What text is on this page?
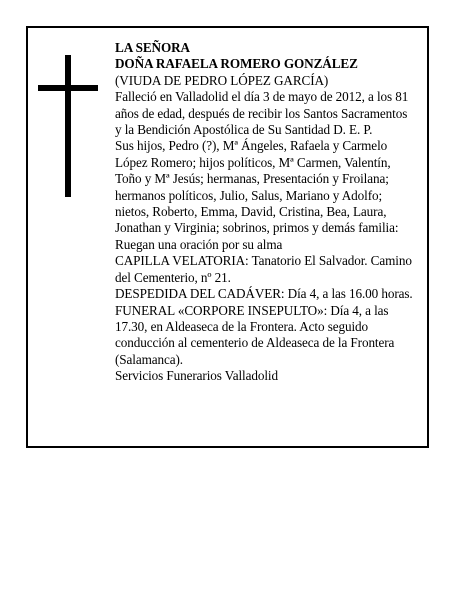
LA SEÑORA

DOÑA RAFAELA ROMERO GONZÁLEZ

(VIUDA DE PEDRO LÓPEZ GARCÍA)

Falleció en Valladolid el día 3 de mayo de 2012, a los 81 años de edad, después de recibir los Santos Sacramentos y la Bendición Apostólica de Su Santidad D. E. P.

Sus hijos, Pedro (?), Mª Ángeles, Rafaela y Carmelo López Romero; hijos políticos, Mª Carmen, Valentín, Toño y Mª Jesús; hermanas, Presentación y Froilana; hermanos políticos, Julio, Salus, Mariano y Adolfo; nietos, Roberto, Emma, David, Cristina, Bea, Laura, Jonathan y Virginia; sobrinos, primos y demás familia:

Ruegan una oración por su alma

CAPILLA VELATORIA: Tanatorio El Salvador. Camino del Cementerio, nº 21.

DESPEDIDA DEL CADÁVER: Día 4, a las 16.00 horas.

FUNERAL «CORPORE INSEPULTO»: Día 4, a las 17.30, en Aldeaseca de la Frontera. Acto seguido conducción al cementerio de Aldeaseca de la Frontera (Salamanca).

Servicios Funerarios Valladolid
